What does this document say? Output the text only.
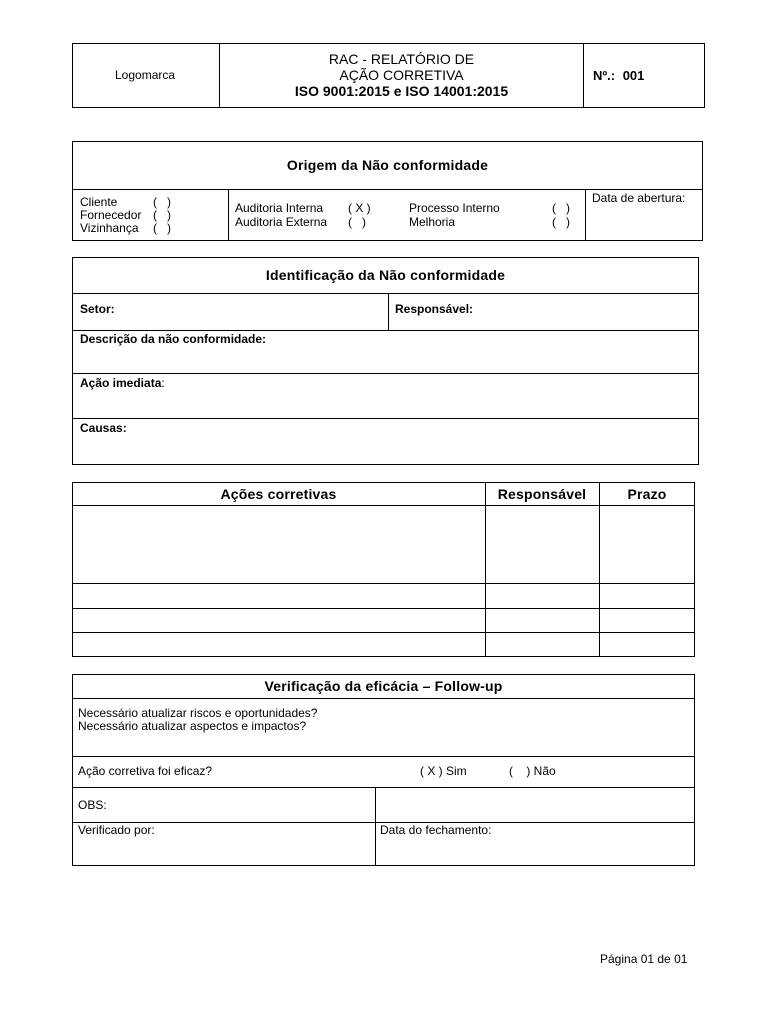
Logomarca
RAC - RELATÓRIO DE
AÇÃO CORRETIVA
ISO 9001:2015 e ISO 14001:2015
Nº.: 001
Origem da Não conformidade
Cliente	(   )
Fornecedor (   )
Vizinhança (   )
Auditoria Interna ( X )
Auditoria Externa (   )
Processo Interno	(   )
Melhoria	(   )
Data de abertura:
Identificação da Não conformidade
Setor:	Responsável:
Descrição da não conformidade:
Ação imediata:
Causas:
Ações corretivas	Responsável	Prazo
Verificação da eficácia – Follow-up
Necessário atualizar riscos e oportunidades?
Necessário atualizar aspectos e impactos?
Ação corretiva foi eficaz?	( X ) Sim	(    ) Não
OBS:
Verificado por:	Data do fechamento:
Página 01 de 01
